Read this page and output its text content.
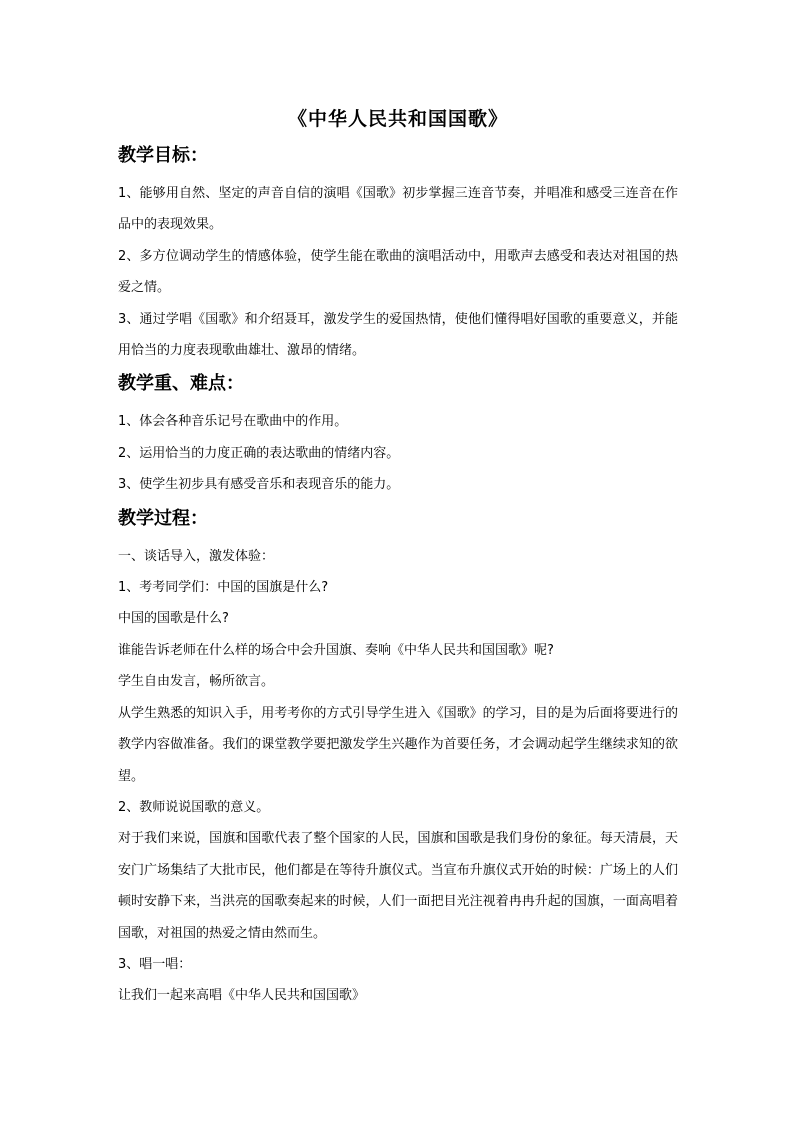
《中华人民共和国国歌》
教学目标：

1、能够用自然、坚定的声音自信的演唱《国歌》初步掌握三连音节奏，并唱准和感受三连音在作品中的表现效果。

2、多方位调动学生的情感体验，使学生能在歌曲的演唱活动中，用歌声去感受和表达对祖国的热爱之情。

3、通过学唱《国歌》和介绍聂耳，激发学生的爱国热情，使他们懂得唱好国歌的重要意义，并能用恰当的力度表现歌曲雄壮、激昂的情绪。

教学重、难点：

1、体会各种音乐记号在歌曲中的作用。

2、运用恰当的力度正确的表达歌曲的情绪内容。

3、使学生初步具有感受音乐和表现音乐的能力。

教学过程：

一、谈话导入，激发体验：

1、考考同学们：中国的国旗是什么?

中国的国歌是什么?

谁能告诉老师在什么样的场合中会升国旗、奏响《中华人民共和国国歌》呢?

学生自由发言，畅所欲言。

从学生熟悉的知识入手，用考考你的方式引导学生进入《国歌》的学习，目的是为后面将要进行的教学内容做准备。我们的课堂教学要把激发学生兴趣作为首要任务，才会调动起学生继续求知的欲望。

2、教师说说国歌的意义。

对于我们来说，国旗和国歌代表了整个国家的人民，国旗和国歌是我们身份的象征。每天清晨，天安门广场集结了大批市民，他们都是在等待升旗仪式。当宣布升旗仪式开始的时候：广场上的人们顿时安静下来，当洪亮的国歌奏起来的时候，人们一面把目光注视着冉冉升起的国旗，一面高唱着国歌，对祖国的热爱之情由然而生。

3、唱一唱：

让我们一起来高唱《中华人民共和国国歌》
